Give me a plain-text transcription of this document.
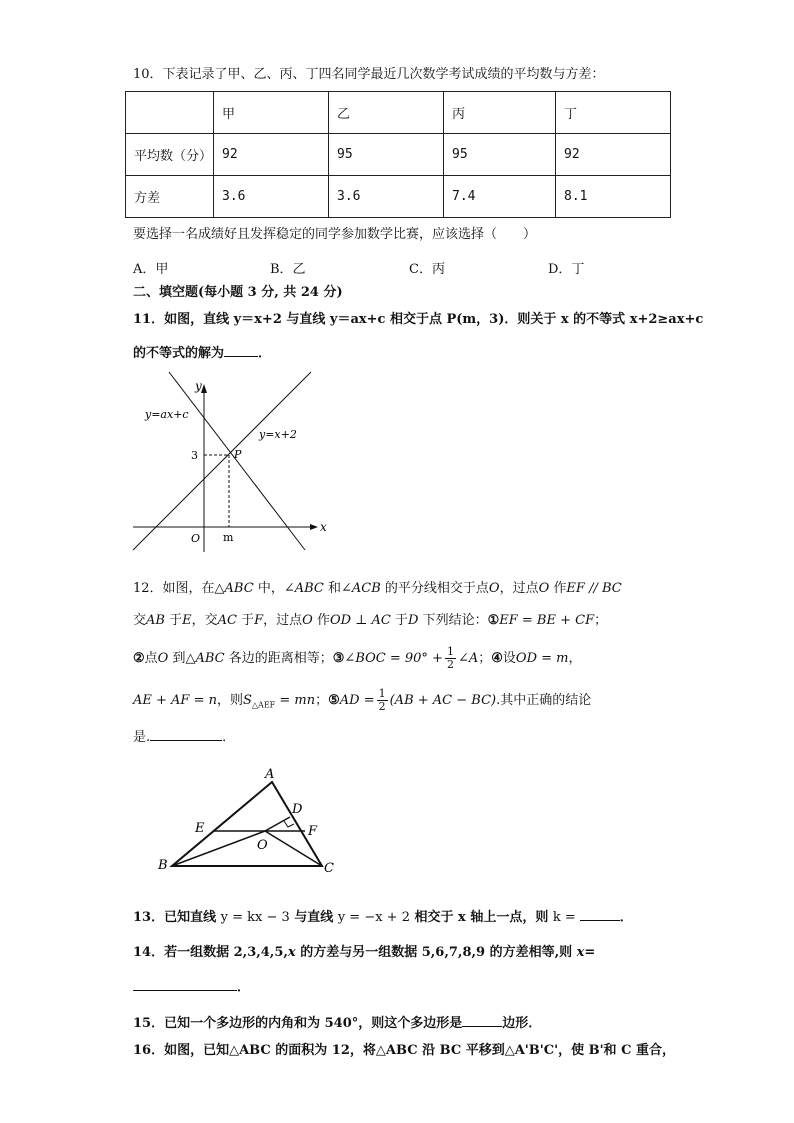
10．下表记录了甲、乙、丙、丁四名同学最近几次数学考试成绩的平均数与方差：
	甲	乙	丙	丁
平均数（分）	92	95	95	92
方差	3.6	3.6	7.4	8.1
要选择一名成绩好且发挥稳定的同学参加数学比赛，应该选择（　　）
A．甲	B．乙	C．丙	D．丁
二、填空题(每小题 3 分, 共 24 分)
11．如图，直线 y＝x+2 与直线 y＝ax+c 相交于点 P(m，3)．则关于 x 的不等式 x+2≥ax+c
的不等式的解为	．
y
x
y=ax+c
y=x+2
P
3
O m
12．如图，在△ABC 中，∠ABC 和∠ACB 的平分线相交于点O，过点O 作EF // BC
交AB 于E，交AC 于F，过点O 作OD ⊥ AC 于D 下列结论：①EF = BE + CF；
②点O 到△ABC 各边的距离相等；③∠BOC = $90^\circ + \frac{1}{2}$ ∠A；④设OD = m，
AE + AF = n，则$S_{\triangle AEF}$ = mn；⑤AD = $\frac{1}{2} (AB$ + AC − BC).其中正确的结论
是.	．
A
B	C
D
E	F
O
13．已知直线 y = kx − 3 与直线 y = −x + 2 相交于 x 轴上一点，则 k =	．
14．若一组数据 2,3,4,5,x 的方差与另一组数据 5,6,7,8,9 的方差相等,则 x=
．
15．已知一个多边形的内角和为 540°，则这个多边形是	边形．
16．如图，已知△ABC 的面积为 12，将△ABC 沿 BC 平移到△A'B'C'，使 B'和 C 重合，
